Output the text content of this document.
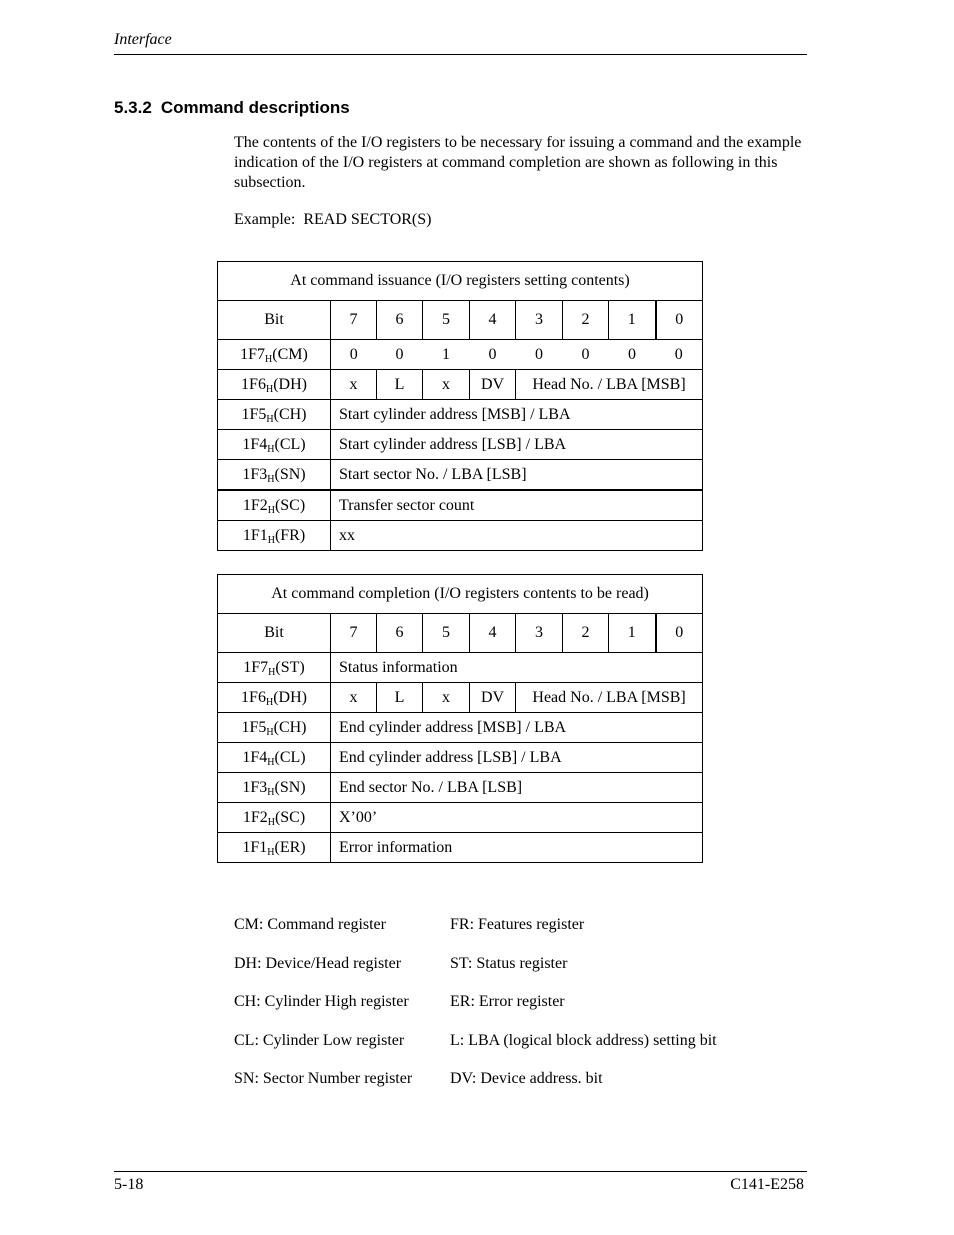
Interface
5.3.2 Command descriptions
The contents of the I/O registers to be necessary for issuing a command and the example indication of the I/O registers at command completion are shown as following in this subsection.
Example: READ SECTOR(S)
At command issuance (I/O registers setting contents)								
Bit	7	6	5	4	3	2	1	0
$1F7_H(CM)$	0	0	1	0	0	0	0	0
$1F6_H(DH)$	x	L	x	DV	Head No. / LBA [MSB]			
$1F5_H(CH)$	Start cylinder address [MSB] / LBA							
$1F4_H(CL)$	Start cylinder address [LSB] / LBA							
$1F3_H(SN)$	Start sector No. / LBA [LSB]							
$1F2_H(SC)$	Transfer sector count							
$1F1_H(FR)$	xx							
At command completion (I/O registers contents to be read)								
Bit	7	6	5	4	3	2	1	0
$1F7_H(ST)$	Status information							
$1F6_H(DH)$	x	L	x	DV	Head No. / LBA [MSB]			
$1F5_H(CH)$	End cylinder address [MSB] / LBA							
$1F4_H(CL)$	End cylinder address [LSB] / LBA							
$1F3_H(SN)$	End sector No. / LBA [LSB]							
$1F2_H(SC)$	X’00’							
$1F1_H(ER)$	Error information							
CM: Command register	FR: Features register
DH: Device/Head register	ST: Status register
CH: Cylinder High register	ER: Error register
CL: Cylinder Low register	L: LBA (logical block address) setting bit
SN: Sector Number register DV: Device address. bit
5-18	C141-E258
